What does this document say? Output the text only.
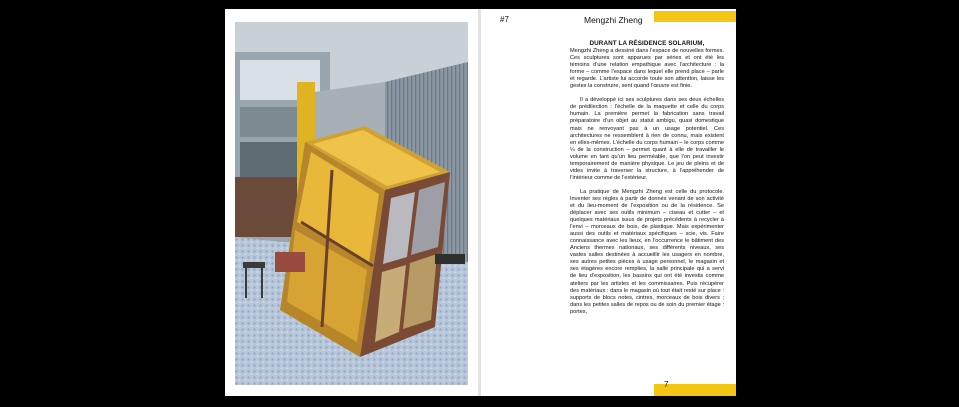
#7	Mengzhi Zheng
DURANT LA RÉSIDENCE SOLARIUM,

Mengzhi Zheng a dessiné dans l’espace de nouvelles formes. Ces sculptures sont apparues par séries et ont été les témoins d’une relation empathique avec l’architecture : la forme – comme l’espace dans lequel elle prend place – parle et regarde. L’artiste lui accorde toute son attention, laisse les gestes la construire, sent quand l’œuvre est finie.

Il a développé ici ses sculptures dans ses deux échelles de prédilection : l’échelle de la maquette et celle du corps humain. La première permet la fabrication sans travail préparatoire d’un objet au statut ambigu, quasi domestique mais ne renvoyant pas à un usage potentiel. Ces architectures ne ressemblent à rien de connu, mais existent en elles-mêmes. L’échelle du corps humain – le corps comme ¼ de la construction – permet quant à elle de travailler le volume en tant qu’un lieu perméable, que l’on peut investir temporairement de manière physique. Le jeu de pleins et de vides invite à traverser la structure, à l’appréhender de l’intérieur comme de l’extérieur.

La pratique de Mengzhi Zheng est celle du protocole. Inventer ses règles à partir de donnés venant de son activité et du lieu-moment de l’exposition ou de la résidence. Se déplacer avec ses outils minimum – ciseau et cutter – et quelques matériaux issus de projets précédents à recycler à l’envi – morceaux de bois, de plastique. Mais expérimenter aussi des outils et matériaux spécifiques – scie, vis. Faire connaissance avec les lieux, en l’occurrence le bâtiment des Anciens thermes nationaux, ses différents niveaux, ses vastes salles destinées à accueillir les usagers en nombre, ses autres petites pièces à usage personnel, le magasin et ses étagères encore remplies, la salle principale qui a servi de lieu d’exposition, les bassins qui ont été investis comme ateliers par les artistes et les commissaires. Puis récupérer des matériaux : dans le magasin où tout était resté sur place : supports de blocs notes, cintres, morceaux de bois divers ; dans les petites salles de repos ou de soin du premier étage : portes,

7
